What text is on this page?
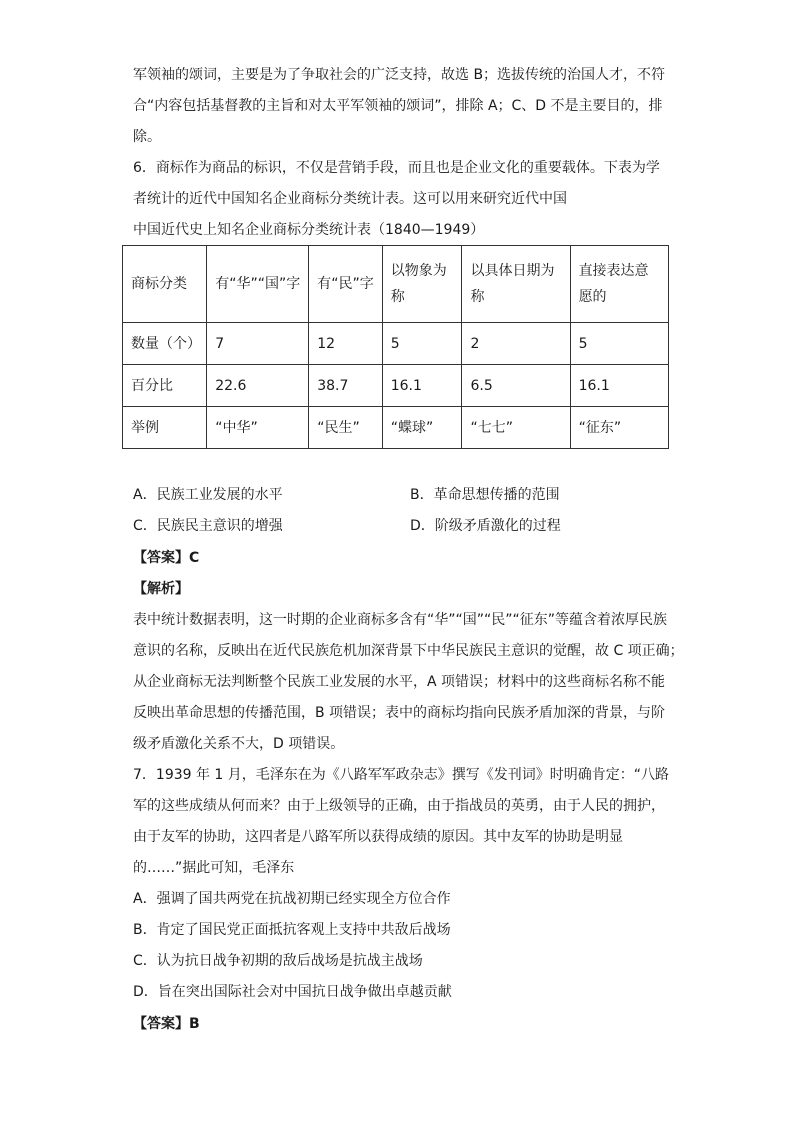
军领袖的颂词，主要是为了争取社会的广泛支持，故选 B；选拔传统的治国人才，不符
合“内容包括基督教的主旨和对太平军领袖的颂词”，排除 A；C、D 不是主要目的，排
除。
6．商标作为商品的标识，不仅是营销手段，而且也是企业文化的重要载体。下表为学
者统计的近代中国知名企业商标分类统计表。这可以用来研究近代中国
中国近代史上知名企业商标分类统计表（1840—1949）
商标分类	有“华”“国”字	有“民”字	以物象为称	以具体日期为称	直接表达意愿的
数量（个）	7	12	5	2	5
百分比	22.6	38.7	16.1	6.5	16.1
举例	“中华”	“民生”	“蝶球”	“七七”	“征东”
A．民族工业发展的水平	B．革命思想传播的范围
C．民族民主意识的增强	D．阶级矛盾激化的过程
【答案】C
【解析】
表中统计数据表明，这一时期的企业商标多含有“华”“国”“民”“征东”等蕴含着浓厚民族
意识的名称，反映出在近代民族危机加深背景下中华民族民主意识的觉醒，故 C 项正确；
从企业商标无法判断整个民族工业发展的水平，A 项错误；材料中的这些商标名称不能
反映出革命思想的传播范围，B 项错误；表中的商标均指向民族矛盾加深的背景，与阶
级矛盾激化关系不大，D 项错误。
7．1939 年 1 月，毛泽东在为《八路军军政杂志》撰写《发刊词》时明确肯定：“八路
军的这些成绩从何而来？由于上级领导的正确，由于指战员的英勇，由于人民的拥护，
由于友军的协助，这四者是八路军所以获得成绩的原因。其中友军的协助是明显
的……”据此可知，毛泽东
A．强调了国共两党在抗战初期已经实现全方位合作
B．肯定了国民党正面抵抗客观上支持中共敌后战场
C．认为抗日战争初期的敌后战场是抗战主战场
D．旨在突出国际社会对中国抗日战争做出卓越贡献
【答案】B
